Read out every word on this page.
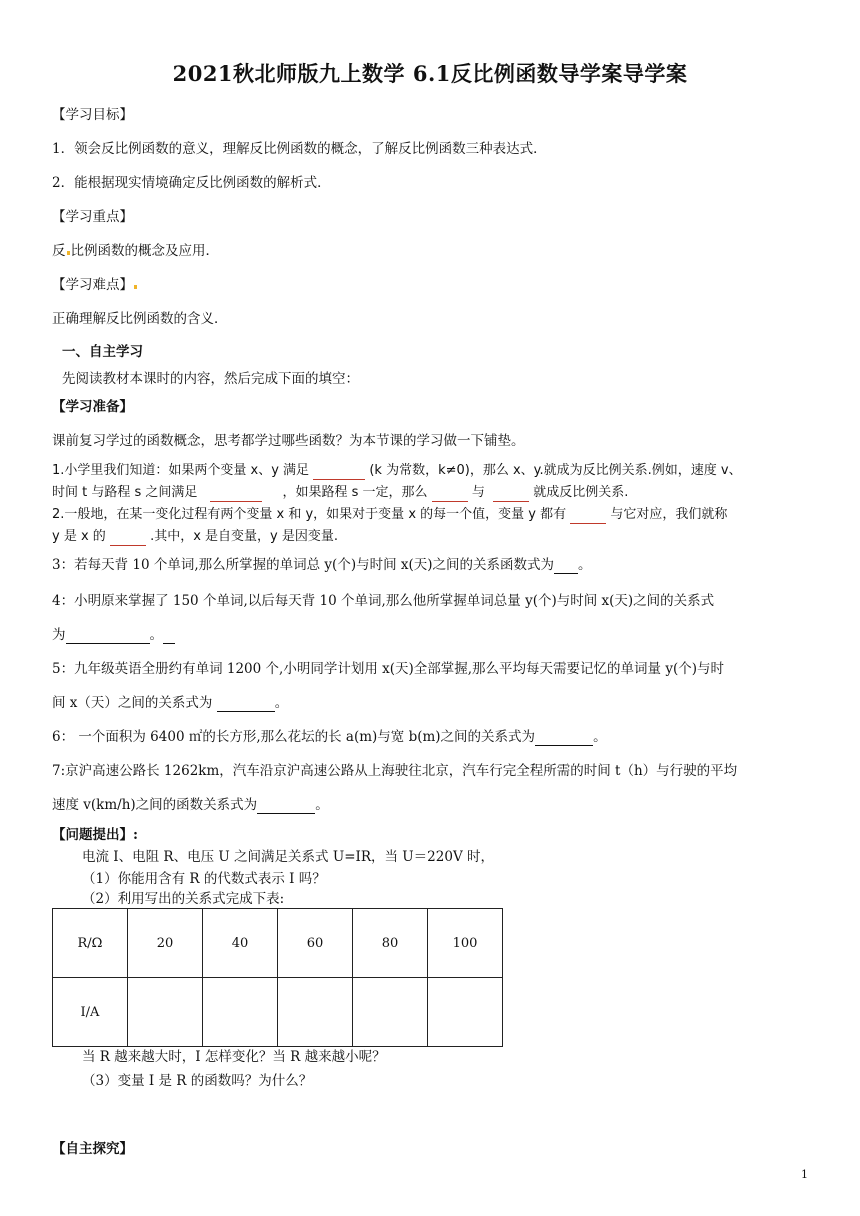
2021秋北师版九上数学 6.1反比例函数导学案导学案
【学习目标】
1．领会反比例函数的意义，理解反比例函数的概念，了解反比例函数三种表达式．
2．能根据现实情境确定反比例函数的解析式．
【学习重点】
反 比例函数的概念及应用．
【学习难点】
正确理解反比例函数的含义．
一、自主学习
先阅读教材本课时的内容，然后完成下面的填空：
【学习准备】
课前复习学过的函数概念，思考都学过哪些函数？为本节课的学习做一下铺垫。
1.小学里我们知道：如果两个变量 x、y 满足	(k 为常数，k≠0)，那么 x、y.就成为反比例关系.例如，速度 v、
时间 t 与路程 s 之间满足	，如果路程 s 一定，那么	与	就成反比例关系.
2.一般地，在某一变化过程有两个变量 x 和 y，如果对于变量 x 的每一个值，变量 y 都有	与它对应，我们就称
y 是 x 的	.其中，x 是自变量，y 是因变量.
3：若每天背 10 个单词,那么所掌握的单词总 y(个)与时间 x(天)之间的关系函数式为 。
4：小明原来掌握了 150 个单词,以后每天背 10 个单词,那么他所掌握单词总量 y(个)与时间 x(天)之间的关系式
为	。
5：九年级英语全册约有单词 1200 个,小明同学计划用 x(天)全部掌握,那么平均每天需要记忆的单词量 y(个)与时
间 x（天）之间的关系式为	。
6： 一个面积为 6400 ㎡的长方形,那么花坛的长 a(m)与宽 b(m)之间的关系式为	。
7:京沪高速公路长 1262km，汽车沿京沪高速公路从上海驶往北京，汽车行完全程所需的时间 t（h）与行驶的平均
速度 v(km/h)之间的函数关系式为	。
【问题提出】:
电流 I、电阻 R、电压 U 之间满足关系式 U=IR，当 U＝220V 时，
（1）你能用含有 R 的代数式表示 I 吗？
（2）利用写出的关系式完成下表:
R/Ω	20	40	60	80	100
I/A					
当 R 越来越大时，I 怎样变化？当 R 越来越小呢？
（3）变量 I 是 R 的函数吗？为什么？
【自主探究】
1
